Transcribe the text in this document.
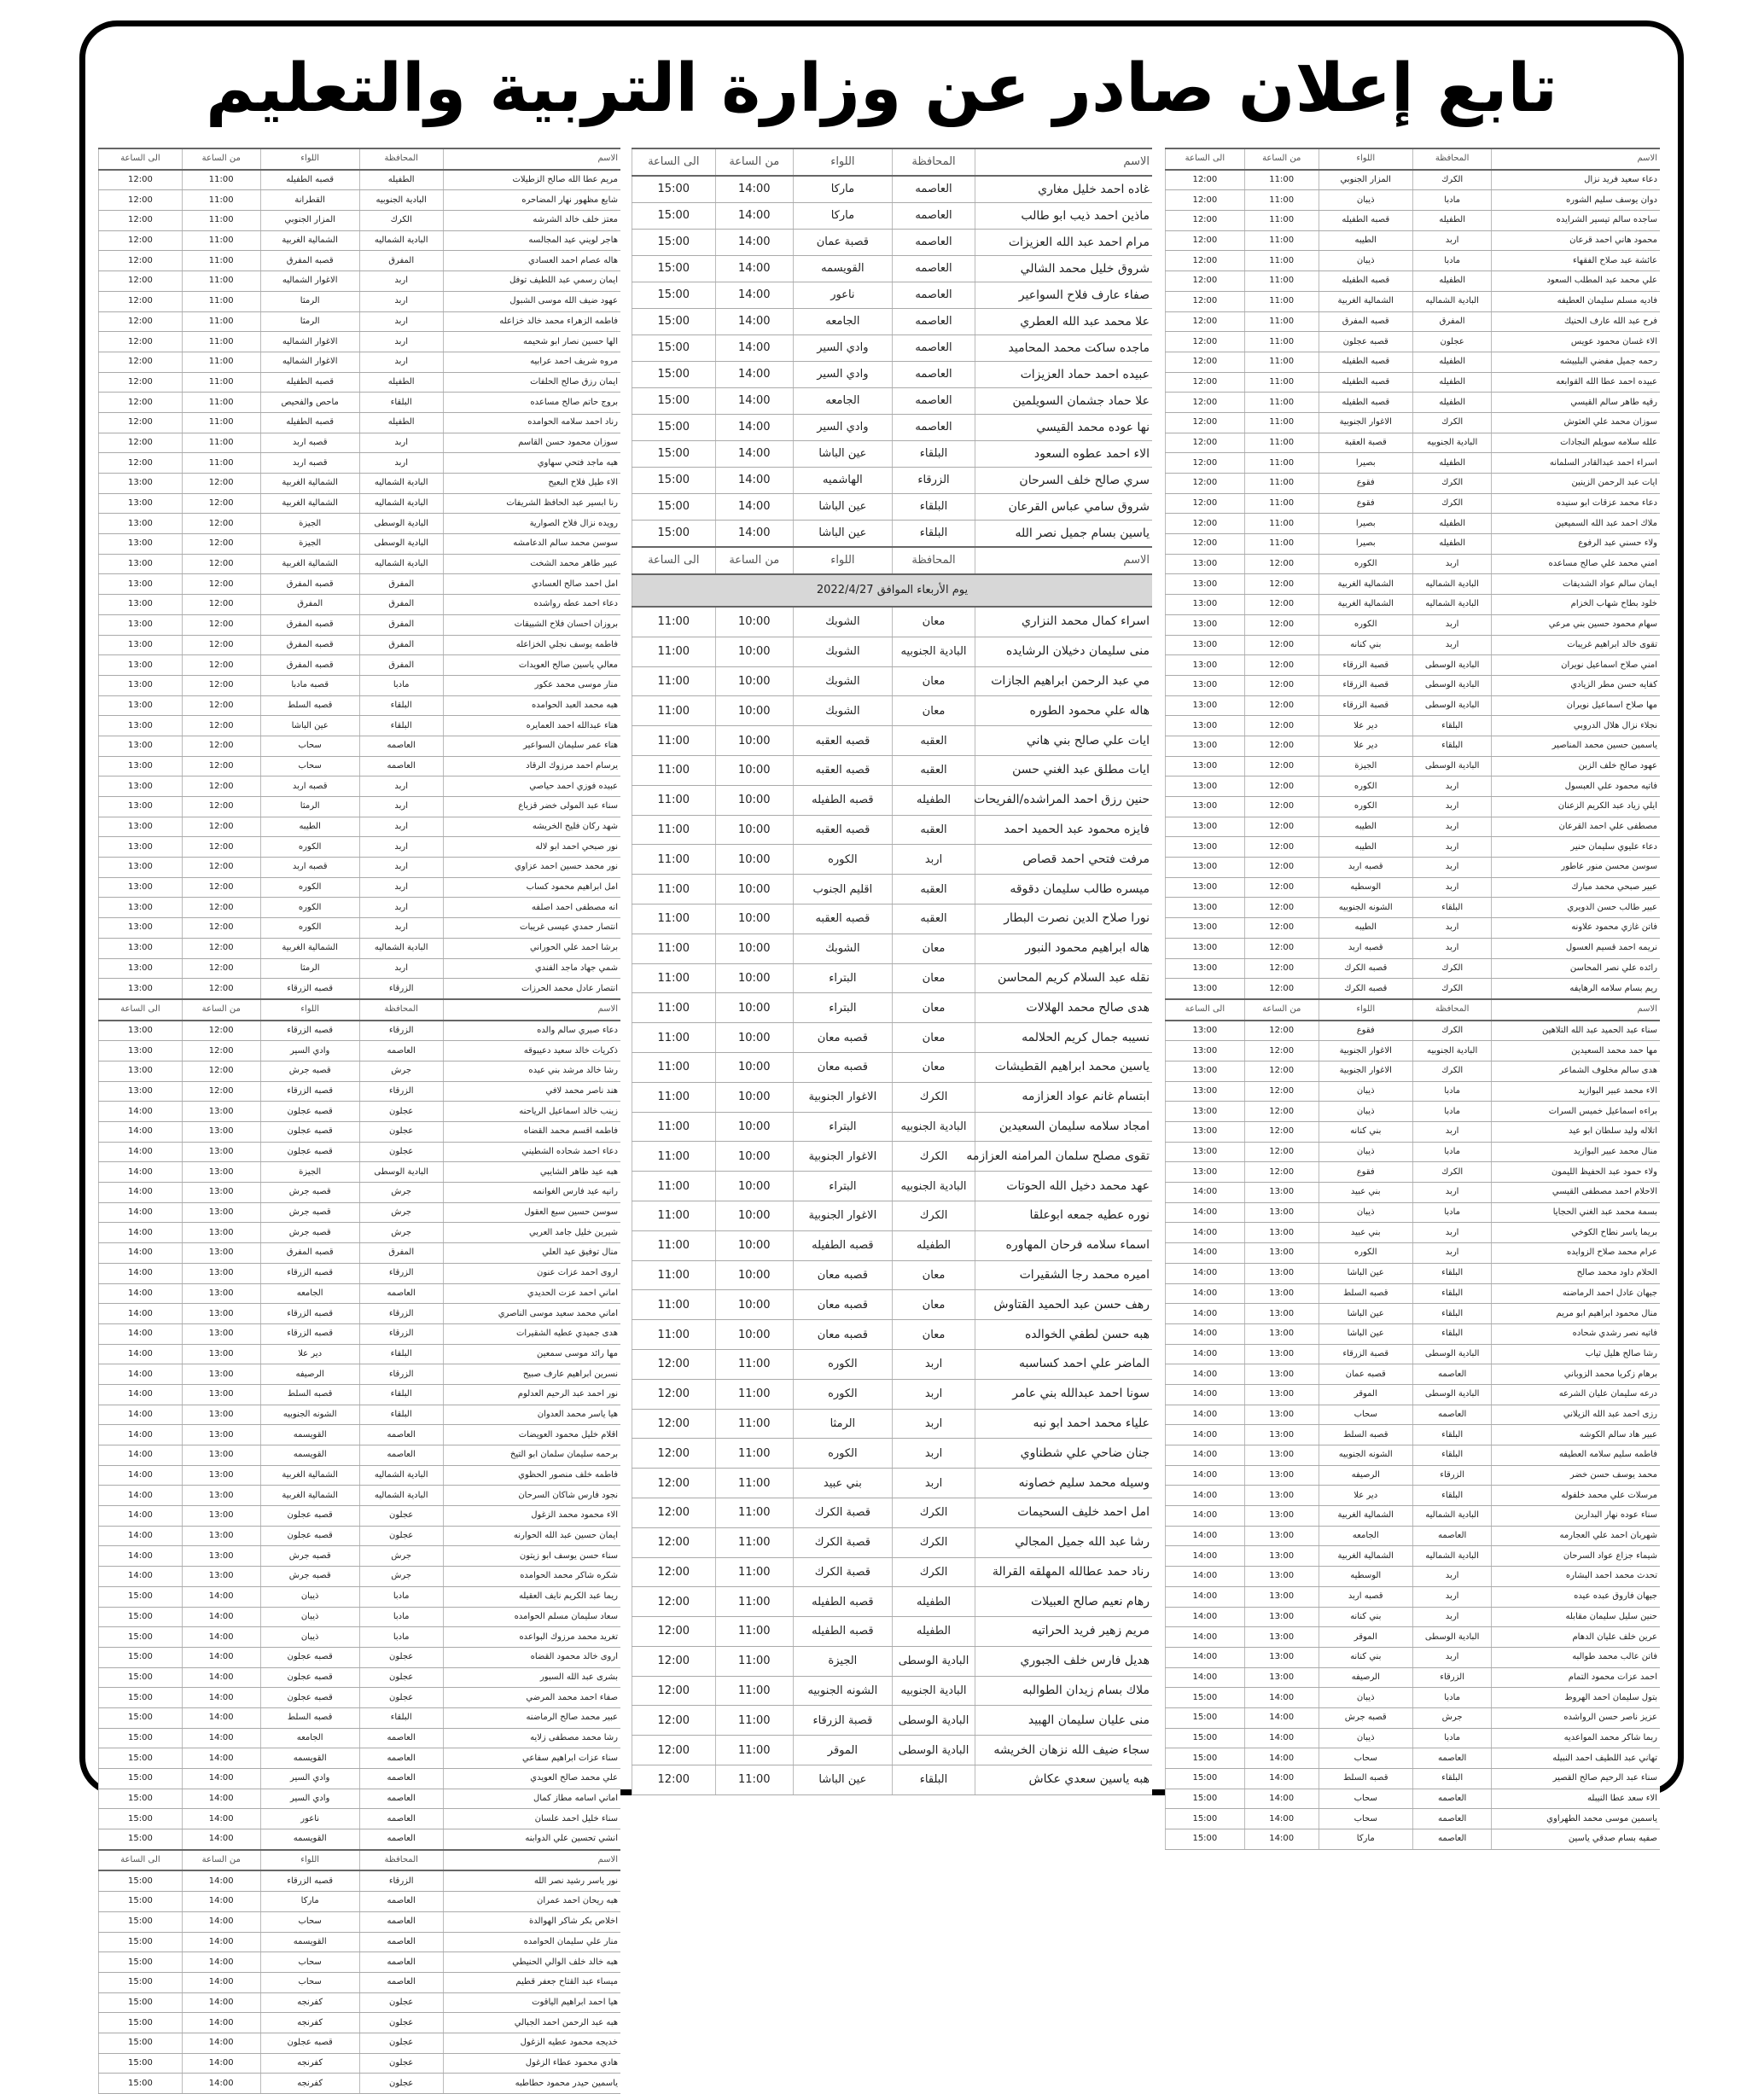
تابع إعلان صادر عن وزارة التربية والتعليم
الاسم	المحافظة	اللواء	من الساعة	الى الساعة
دعاء سعيد فريد نزال	الكرك	المزار الجنوبي	11:00	12:00
دوان يوسف سليم الشوره	مادبا	ذيبان	11:00	12:00
ساجده سالم تيسير الشرايده	الطفيله	قصبه الطفيله	11:00	12:00
محمود هاني احمد قرعان	اربد	الطيبه	11:00	12:00
عائشة عبد صلاح الفقهاء	مادبا	ذيبان	11:00	12:00
علي محمد عبد المطلب السعود	الطفيله	قصبه الطفيله	11:00	12:00
فاديه مسلم سليمان العطيفه	البادية الشماليه	الشمالية الغربية	11:00	12:00
فرح عبد الله عارف الحنيك	المفرق	قصبه المفرق	11:00	12:00
الاء غسان محمود عويس	عجلون	قصبه عجلون	11:00	12:00
رحمه جميل مفضي البلبيشه	الطفيله	قصبه الطفيله	11:00	12:00
عبيده احمد عطا الله القوابعه	الطفيله	قصبه الطفيله	11:00	12:00
رقيه طاهر سالم القيسي	الطفيله	قصبه الطفيله	11:00	12:00
سوزان محمد علي العثوش	الكرك	الاغوار الجنوبية	11:00	12:00
علله سلامه سويلم النجادات	البادية الجنوبيه	قصبة العقبة	11:00	12:00
اسراء احمد عبدالقادر السلمانه	الطفيله	بصيرا	11:00	12:00
ايات عبد الرحمن الزينين	الكرك	فقوع	11:00	12:00
دعاء محمد عزقات ابو سنيده	الكرك	فقوع	11:00	12:00
ملاك احمد عبد الله السميعين	الطفيله	بصيرا	11:00	12:00
ولاء حسني عبد الرفوع	الطفيله	بصيرا	11:00	12:00
امني محمد علي صالح مساعده	اربد	الكوره	12:00	13:00
ايمان سالم عواد الشديفات	البادية الشماليه	الشمالية الغربية	12:00	13:00
خلود بطاح شهاب الخزام	البادية الشماليه	الشمالية الغربية	12:00	13:00
سهام محمود حسين بني مرعي	اربد	الكوره	12:00	13:00
تقوى خالد ابراهيم غريبات	اربد	بني كنانه	12:00	13:00
امني صلاح اسماعيل نويران	البادية الوسطى	قصبة الزرقاء	12:00	13:00
كفايه حسن مطر الزيادي	البادية الوسطى	قصبة الزرقاء	12:00	13:00
مها صلاح اسماعيل نويران	البادية الوسطى	قصبة الزرقاء	12:00	13:00
نجلاء نزال هلال الدروبي	البلقاء	دير علا	12:00	13:00
ياسمين حسين محمد المناصير	البلقاء	دير علا	12:00	13:00
عهود صالح خلف الزبن	البادية الوسطى	الجيزة	12:00	13:00
فاتيه محمود علي العبسول	اربد	الكوره	12:00	13:00
ايلي زياد عبد الكريم الزعنان	اربد	الكوره	12:00	13:00
مصطفى علي احمد القرعان	اربد	الطيبه	12:00	13:00
دعاء عليوي سليمان حنير	اربد	الطيبه	12:00	13:00
سوسن محسن منور عاطور	اربد	قصبه اربد	12:00	13:00
عبير صبحي محمد مبارك	اربد	الوسطيه	12:00	13:00
عبير طالب حسن الدويري	البلقاء	الشونه الجنوبيه	12:00	13:00
فاتن غازي محمود علاونه	اربد	الطيبه	12:00	13:00
نريمه احمد قسيم العسول	اربد	قصبه اربد	12:00	13:00
رائده علي نصر المحاسن	الكرك	قصبه الكرك	12:00	13:00
ريم بسام سلامه الرهايفه	الكرك	قصبه الكرك	12:00	13:00
الاسم	المحافظة	اللواء	من الساعة	الى الساعة
سناء عبد الحميد عبد الله التلاهين	الكرك	فقوع	12:00	13:00
مها حمد محمد السعيدين	البادية الجنوبيه	الاغوار الجنوبية	12:00	13:00
هدى سالم مخلوف الشماعر	الكرك	الاغوار الجنوبية	12:00	13:00
الاء محمد عبير البوازيد	مادبا	ذيبان	12:00	13:00
براءه اسماعيل خميس السرات	مادبا	ذيبان	12:00	13:00
اتلاله وليد سلطان ابو عيد	اربد	بني كنانه	12:00	13:00
منال محمد عبير البوازيد	مادبا	ذيبان	12:00	13:00
ولاء حمود عبد الحفيظ الليمون	الكرك	فقوع	12:00	13:00
الاحلام احمد مصطفى القيسي	اربد	بني عبيد	13:00	14:00
بسمة محمد عبد الغني الحجايا	مادبا	ذيبان	13:00	14:00
بريما ياسر نطاح الكوخي	اربد	بني عبيد	13:00	14:00
عرام محمد صلاح الزوايده	اربد	الكوره	13:00	14:00
الحلام داود محمد صالح	البلقاء	عين الباشا	13:00	14:00
جيهان عادل احمد الرماضنه	البلقاء	قصبه السلط	13:00	14:00
منال محمود ابراهيم ابو مريم	البلقاء	عين الباشا	13:00	14:00
فاتيه نصر رشدي شحاده	البلقاء	عين الباشا	13:00	14:00
رشا صالح هليل ثياب	البادية الوسطى	قصبة الزرقاء	13:00	14:00
برهام زكريا محمد الزوباني	العاصمه	قصبه عمان	13:00	14:00
درعه سليمان عليان الشرعه	البادية الوسطى	الموقر	13:00	14:00
رزى احمد عبد الله الزيلاني	العاصمه	سحاب	13:00	14:00
عبير هاد سالم الكوشه	البلقاء	قصبه السلط	13:00	14:00
فاطمه سليم سلامه العطيفه	البلقاء	الشونه الجنوبيه	13:00	14:00
محمد يوسف حسن خضر	الزرقاء	الرصيفه	13:00	14:00
مرسلات علي محمد خلفوله	البلقاء	دير علا	13:00	14:00
سناء عوده نهار البدارين	البادية الشماليه	الشمالية الغربية	13:00	14:00
شهربان احمد علي العجارمه	العاصمه	الجامعه	13:00	14:00
شيماء جزاع عواد السرحان	البادية الشماليه	الشمالية الغربية	13:00	14:00
تحدث محمد احمد البشاره	اربد	الوسطيه	13:00	14:00
جيهان فاروق عبده عيده	اربد	قصبه اربد	13:00	14:00
حنين سليل سليمان مقابله	اربد	بني كنانه	13:00	14:00
عرين خلف عليان الدهام	البادية الوسطى	الموقر	13:00	14:00
فاتن عالب محمد طوالبه	اربد	بني كنانه	13:00	14:00
احمد عزات محمود التمام	الزرقاء	الرصيفه	13:00	14:00
بتول سليمان احمد الهروط	مادبا	ذيبان	14:00	15:00
عزيز ناصر حسن الرواشده	جرش	قصبه جرش	14:00	15:00
ربما شاكر محمد المواعديه	مادبا	ذيبان	14:00	15:00
تهاني عبد اللطيف احمد النبيله	العاصمه	سحاب	14:00	15:00
سناء عبد الرحيم صالح القصير	البلقاء	قصبه السلط	14:00	15:00
الاء سعد عطا النيبله	العاصمه	سحاب	14:00	15:00
ياسمين موسى محمد الطهراوي	العاصمه	سحاب	14:00	15:00
صفيه بسام صدقي ياسين	العاصمه	ماركا	14:00	15:00
الاسم	المحافظة	اللواء	من الساعة	الى الساعة
غاده احمد خليل مغاري	العاصمه	ماركا	14:00	15:00
ماذين احمد ذيب ابو طالب	العاصمه	ماركا	14:00	15:00
مرام احمد عبد الله العزيزات	العاصمه	قصبة عمان	14:00	15:00
شروق خليل محمد الشالي	العاصمه	القويسمه	14:00	15:00
صفاء عارف فلاح السواعير	العاصمه	ناعور	14:00	15:00
علا محمد عبد الله العطري	العاصمه	الجامعه	14:00	15:00
ماجده ساكت محمد المحاميد	العاصمه	وادي السير	14:00	15:00
عبيده احمد حماد العزيزات	العاصمه	وادي السير	14:00	15:00
علا حماد جشمان السويلمين	العاصمه	الجامعه	14:00	15:00
نها عوده محمد القيسي	العاصمه	وادي السير	14:00	15:00
الاء احمد عطوه السعود	البلقاء	عين الباشا	14:00	15:00
سري صالح خلف السرحان	الزرقاء	الهاشميه	14:00	15:00
شروق سامي عباس القرعان	البلقاء	عين الباشا	14:00	15:00
ياسين بسام جميل نصر الله	البلقاء	عين الباشا	14:00	15:00
الاسم	المحافظة	اللواء	من الساعة	الى الساعة
يوم الأربعاء الموافق 2022/4/27				
اسراء كمال محمد النزاري	معان	الشوبك	10:00	11:00
منى سليمان دخيلان الرشايده	البادية الجنوبيه	الشوبك	10:00	11:00
مي عبد الرحمن ابراهيم الجازات	معان	الشوبك	10:00	11:00
هاله علي محمود الطوره	معان	الشوبك	10:00	11:00
ايات علي صالح بني هاني	العقبه	قصبه العقبه	10:00	11:00
ايات مطلق عبد الغني حسن	العقبه	قصبه العقبه	10:00	11:00
حنين رزق احمد المراشده/الفريحات	الطفيله	قصبه الطفيله	10:00	11:00
فايزه محمود عبد الحميد احمد	العقبه	قصبه العقبه	10:00	11:00
مرفت فتحي احمد قصاص	اربد	الكوره	10:00	11:00
ميسره طالب سليمان دقوقه	العقبه	اقليم الجنوب	10:00	11:00
نورا صلاح الدين نصرت البطار	العقبه	قصبه العقبه	10:00	11:00
هاله ابراهيم محمود النبور	معان	الشوبك	10:00	11:00
نقله عبد السلام كريم المحاسن	معان	البتراء	10:00	11:00
هدى صالح محمد الهلالات	معان	البتراء	10:00	11:00
نسيبه جمال كريم الحلالمه	معان	قصبه معان	10:00	11:00
ياسين محمد ابراهيم القطيشات	معان	قصبه معان	10:00	11:00
ابتسام غانم عواد العزازمه	الكرك	الاغوار الجنوبية	10:00	11:00
امجاد سلامه سليمان السعيدين	البادية الجنوبيه	البتراء	10:00	11:00
تقوى مصلح سلمان المرامنه العزازمه	الكرك	الاغوار الجنوبية	10:00	11:00
عهد محمد دخيل الله الحوتات	البادية الجنوبيه	البتراء	10:00	11:00
نوره عطيه جمعه ابوعلقا	الكرك	الاغوار الجنوبية	10:00	11:00
اسماء سلامه فرحان المهاوره	الطفيله	قصبه الطفيله	10:00	11:00
اميره محمد رجا الشقيرات	معان	قصبه معان	10:00	11:00
رهف حسن عبد الحميد القتاوش	معان	قصبه معان	10:00	11:00
هبه حسن لطفي الخوالده	معان	قصبه معان	10:00	11:00
الماضر علي احمد كساسبه	اربد	الكوره	11:00	12:00
سونا احمد عبدالله بني عامر	اربد	الكوره	11:00	12:00
علياء محمد احمد ابو نبه	اربد	الرمثا	11:00	12:00
جنان ضاحي علي شطناوي	اربد	الكوره	11:00	12:00
وسيله محمد سليم خصاونه	اربد	بني عبيد	11:00	12:00
امل احمد خليف السحيمات	الكرك	قصبة الكرك	11:00	12:00
رشا عبد الله جميل المجالي	الكرك	قصبة الكرك	11:00	12:00
رناد حمد عطالله المهلقه القرالة	الكرك	قصبة الكرك	11:00	12:00
رهام نعيم صالح العبيلات	الطفيله	قصبه الطفيله	11:00	12:00
مريم زهير فريد الحراتيه	الطفيله	قصبه الطفيله	11:00	12:00
هديل فارس خلف الجبوري	البادية الوسطى	الجيزة	11:00	12:00
ملاك بسام زيدان الطوالبه	البادية الجنوبيه	الشونه الجنوبيه	11:00	12:00
منى عليان سليمان الهبيد	البادية الوسطى	قصبة الزرقاء	11:00	12:00
سجاء ضيف الله نزهان الخريشه	البادية الوسطى	الموقر	11:00	12:00
هبه ياسين سعدي عكاش	البلقاء	عين الباشا	11:00	12:00
الاسم	المحافظة	اللواء	من الساعة	الى الساعة
مريم عطا الله صالح الزطيلات	الطفيله	قصبه الطفيله	11:00	12:00
شايع مظهور نهار المضاحره	البادية الجنوبيه	القطرانة	11:00	12:00
معتز خلف خالد الشرشه	الكرك	المزار الجنوبي	11:00	12:00
هاجر لويني عيد المجالسه	البادية الشماليه	الشمالية الغربية	11:00	12:00
هاله عصام احمد العسادي	المفرق	قصبه المفرق	11:00	12:00
ايمان رسمي عبد اللطيف توفل	اربد	الاغوار الشماليه	11:00	12:00
عهود ضيف الله موسى الشبول	اربد	الرمثا	11:00	12:00
فاطمه الزهراء محمد خالد خزاعله	اربد	الرمثا	11:00	12:00
الها حسين نصار ابو شحيمه	اربد	الاغوار الشماليه	11:00	12:00
مروه شريف احمد عرابيه	اربد	الاغوار الشماليه	11:00	12:00
ايمان رزق صالح الحلفات	الطفيله	قصبه الطفيله	11:00	12:00
بروج حاتم صالح مساعده	البلقاء	ماحص والفحيص	11:00	12:00
رناد احمد سلامه الحوامده	الطفيله	قصبه الطفيله	11:00	12:00
سوزان محمود حسن القاسم	اربد	قصبه اربد	11:00	12:00
هبه ماجد فتحي سهاوي	اربد	قصبه اربد	11:00	12:00
الاء طيل فلاح البعيح	البادية الشماليه	الشمالية الغربية	12:00	13:00
رنا ابسير عبد الحافظ الشريفات	البادية الشماليه	الشمالية الغربية	12:00	13:00
رويده نزال فلاح الصوارية	البادية الوسطى	الجيزة	12:00	13:00
سوسن محمد سالم الدعامشه	البادية الوسطى	الجيزة	12:00	13:00
عبير طاهر محمد الشخت	البادية الشماليه	الشمالية الغربية	12:00	13:00
امل احمد صالح العسادي	المفرق	قصبه المفرق	12:00	13:00
دعاء احمد عطه رواشده	المفرق	المفرق	12:00	13:00
بروزان احسان فلاح الشبيقات	المفرق	قصبه المفرق	12:00	13:00
فاطمه يوسف نجلي الخزاعله	المفرق	قصبه المفرق	12:00	13:00
معالي ياسين صالح العويدات	المفرق	قصبه المفرق	12:00	13:00
منار موسى محمد عكور	مادبا	قصبه مادبا	12:00	13:00
هبه محمد العبد الحوامده	البلقاء	قصبه السلط	12:00	13:00
هناء عبدالله احمد العمايره	البلقاء	عين الباشا	12:00	13:00
هناء عمر سليمان السواعير	العاصمه	سحاب	12:00	13:00
يرسام احمد مرزوك الرقاد	العاصمه	سحاب	12:00	13:00
عبيده فوزي احمد حياصي	اربد	قصبه اربد	12:00	13:00
سناء عبد المولى خضر قزياع	اربد	الرمثا	12:00	13:00
شهد ركان فليح الخريشه	اربد	الطيبه	12:00	13:00
نور صبحي احمد ابو لاله	اربد	الكوره	12:00	13:00
نور محمد حسين احمد عزاوي	اربد	قصبه اربد	12:00	13:00
امل ابراهيم محمود كساب	اربد	الكوره	12:00	13:00
انه مصطفى احمد اصلفه	اربد	الكوره	12:00	13:00
انتصار حمدي عيسى غريبات	اربد	الكوره	12:00	13:00
برشا احمد علي الحوراني	البادية الشماليه	الشمالية الغربية	12:00	13:00
شمي جهاد ماجد الفندي	اربد	الرمثا	12:00	13:00
انتصار عادل محمد الحرزات	الزرقاء	قصبه الزرقاء	12:00	13:00
الاسم	المحافظة	اللواء	من الساعة	الى الساعة
دعاء صبري سالم والده	الزرقاء	قصبه الزرقاء	12:00	13:00
ذكريات خالد سعيد دعيبوقه	العاصمه	وادي السير	12:00	13:00
رشا خالد مرشد بني عيده	جرش	قصبه جرش	12:00	13:00
هند ناصر محمد لافي	الزرقاء	قصبه الزرقاء	12:00	13:00
زينب خالد اسماعيل الرياحنه	عجلون	قصبه عجلون	13:00	14:00
فاطمه اقسم محمد القضاه	عجلون	قصبه عجلون	13:00	14:00
دعاء احمد شحاده الشطيني	عجلون	قصبه عجلون	13:00	14:00
هبه عيد طاهر الشايبي	البادية الوسطى	الجيزة	13:00	14:00
رانيه عيد فارس الغوانمه	جرش	قصبه جرش	13:00	14:00
سوسن حسين سبع العقول	جرش	قصبه جرش	13:00	14:00
شيرين خليل جامد العربي	جرش	قصبه جرش	13:00	14:00
منال توفيق عيد العلي	المفرق	قصبه المفرق	13:00	14:00
اروى احمد عزات عنون	الزرقاء	قصبه الزرقاء	13:00	14:00
اماني احمد عزت الحديدي	العاصمه	الجامعه	13:00	14:00
اماني محمد سعيد موسى الناصري	الزرقاء	قصبه الزرقاء	13:00	14:00
هدى جميدي عطيه الشقيرات	الزرقاء	قصبه الزرقاء	13:00	14:00
مها رائد موسى سمعين	البلقاء	دير علا	13:00	14:00
نسرين ابراهيم عارف صبيح	الزرقاء	الرصيفه	13:00	14:00
نور احمد عبد الرحيم العدلوم	البلقاء	قصبه السلط	13:00	14:00
هيا ياسر محمد العدوان	البلقاء	الشونه الجنوبيه	13:00	14:00
اقلام خليل محمود العويضات	العاصمه	القويسمه	13:00	14:00
برحمه سليمان سلمان ابو التيخ	العاصمه	القويسمه	13:00	14:00
فاطمه خلف منصور الحظوي	البادية الشماليه	الشمالية الغربية	13:00	14:00
نجود فارس شاكان السرحان	البادية الشماليه	الشمالية الغربية	13:00	14:00
الاء محمود محمد الزغول	عجلون	قصبه عجلون	13:00	14:00
ايمان حسين عبد الله الحوارنه	عجلون	قصبه عجلون	13:00	14:00
سناء حسن يوسف ابو زيتون	جرش	قصبه جرش	13:00	14:00
شكره شاكر محمد الحوامده	جرش	قصبه جرش	13:00	14:00
ريما عبد الكريم نايف العقيله	مادبا	ذيبان	14:00	15:00
سعاد سليمان مسلم الحوامده	مادبا	ذيبان	14:00	15:00
تغريد محمد مرزوك البواعده	مادبا	ذيبان	14:00	15:00
اروى خالد محمود القضاه	عجلون	قصبه عجلون	14:00	15:00
بشرى عبد الله السبور	عجلون	قصبه عجلون	14:00	15:00
صفاء احمد محمد المرضي	عجلون	قصبه عجلون	14:00	15:00
عبير محمد صالح الرماضنه	البلقاء	قصبه السلط	14:00	15:00
رشا محمد مصطفى زلايه	العاصمه	الجامعه	14:00	15:00
سناء عزات ابراهيم سفاعي	العاصمه	القويسمه	14:00	15:00
علي محمد صالح العويدي	العاصمه	وادي السير	14:00	15:00
اماني اسامه مطاز كمال	العاصمه	وادي السير	14:00	15:00
سناء خليل احمد علسان	العاصمه	ناعور	14:00	15:00
انشي تحسين علي الدوابنه	العاصمه	القويسمه	14:00	15:00
الاسم	المحافظة	اللواء	من الساعة	الى الساعة
نور ياسر رشيد نصر الله	الزرقاء	قصبه الزرقاء	14:00	15:00
هبه ريحان احمد عمران	العاصمه	ماركا	14:00	15:00
اخلاص بكر شاكر الهوالدة	العاصمه	سحاب	14:00	15:00
منار علي سليمان الحوامده	العاصمه	القويسمه	14:00	15:00
هبه خالد خلف الوالي الحنيطي	العاصمه	سحاب	14:00	15:00
ميساء عبد القتاح جعفر قطيم	العاصمه	سحاب	14:00	15:00
هيا احمد ابراهيم الياقوت	عجلون	كفرنجه	14:00	15:00
هبه عبد الرحمن احمد الجبالي	عجلون	كفرنجه	14:00	15:00
خديجه محمود عطيه الزغول	عجلون	قصبه عجلون	14:00	15:00
هادي محمود عطاء الزغول	عجلون	كفرنجه	14:00	15:00
ياسمين حيدر محمود حطاطبه	عجلون	كفرنجه	14:00	15:00
